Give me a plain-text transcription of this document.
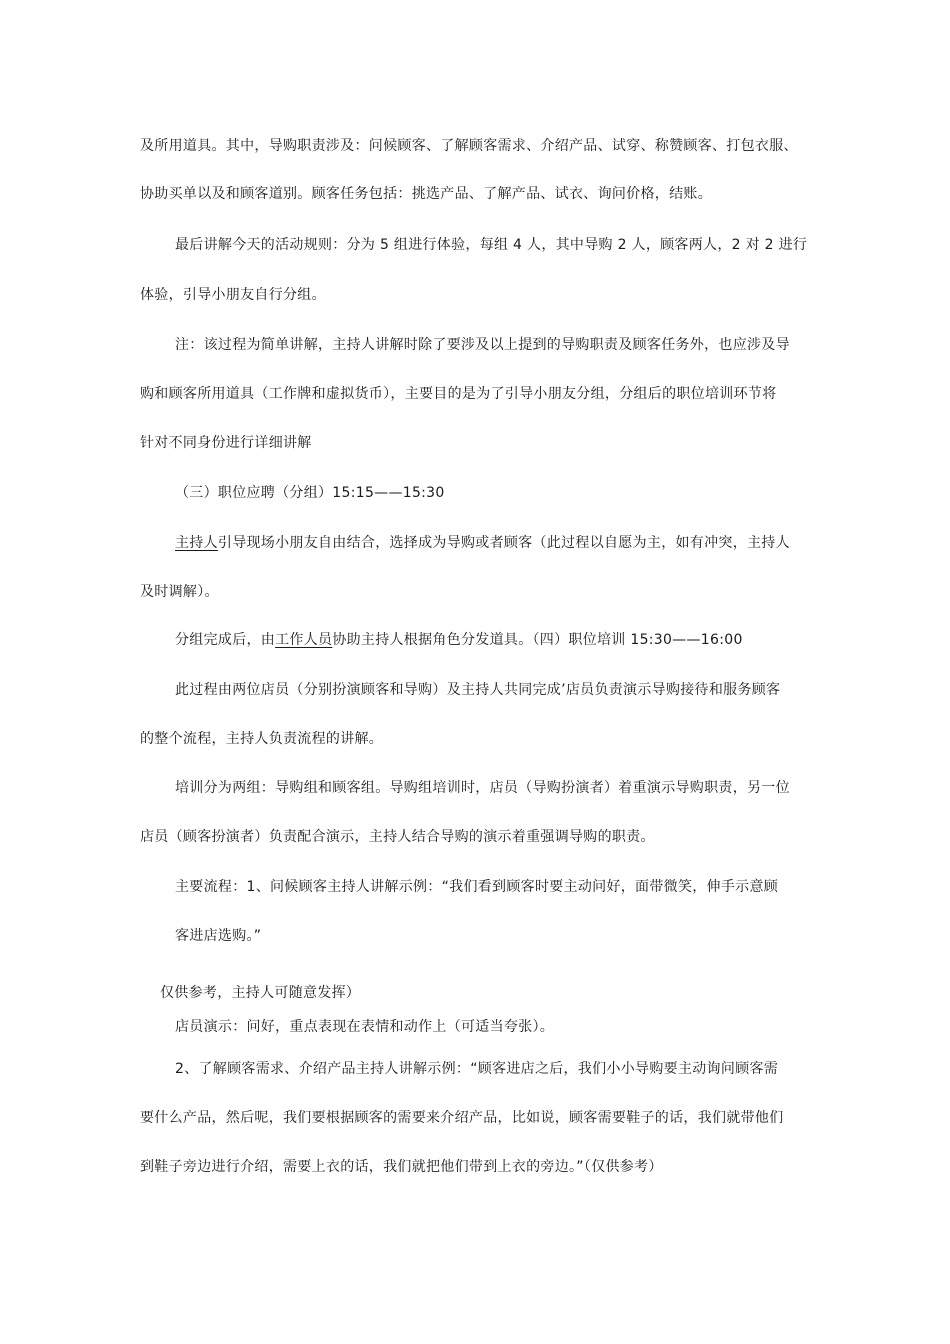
及所用道具。其中，导购职责涉及：问候顾客、了解顾客需求、介绍产品、试穿、称赞顾客、打包衣服、
协助买单以及和顾客道别。顾客任务包括：挑选产品、了解产品、试衣、询问价格，结账。
最后讲解今天的活动规则：分为 5 组进行体验，每组 4 人，其中导购 2 人，顾客两人，2 对 2 进行
体验，引导小朋友自行分组。
注：该过程为简单讲解，主持人讲解时除了要涉及以上提到的导购职责及顾客任务外，也应涉及导
购和顾客所用道具（工作牌和虚拟货币），主要目的是为了引导小朋友分组，分组后的职位培训环节将
针对不同身份进行详细讲解
（三）职位应聘（分组）15:15——15:30
主持人引导现场小朋友自由结合，选择成为导购或者顾客（此过程以自愿为主，如有冲突，主持人
及时调解）。
分组完成后，由工作人员协助主持人根据角色分发道具。（四）职位培训 15:30——16:00
此过程由两位店员（分别扮演顾客和导购）及主持人共同完成’店员负责演示导购接待和服务顾客
的整个流程，主持人负责流程的讲解。
培训分为两组：导购组和顾客组。导购组培训时，店员（导购扮演者）着重演示导购职责，另一位
店员（顾客扮演者）负责配合演示，主持人结合导购的演示着重强调导购的职责。
主要流程：1、问候顾客主持人讲解示例：“我们看到顾客时要主动问好，面带微笑，伸手示意顾
客进店选购。”
仅供参考，主持人可随意发挥）
店员演示：问好，重点表现在表情和动作上（可适当夸张）。
2、了解顾客需求、介绍产品主持人讲解示例：“顾客进店之后，我们小小导购要主动询问顾客需
要什么产品，然后呢，我们要根据顾客的需要来介绍产品，比如说，顾客需要鞋子的话，我们就带他们
到鞋子旁边进行介绍，需要上衣的话，我们就把他们带到上衣的旁边。”（仅供参考）
